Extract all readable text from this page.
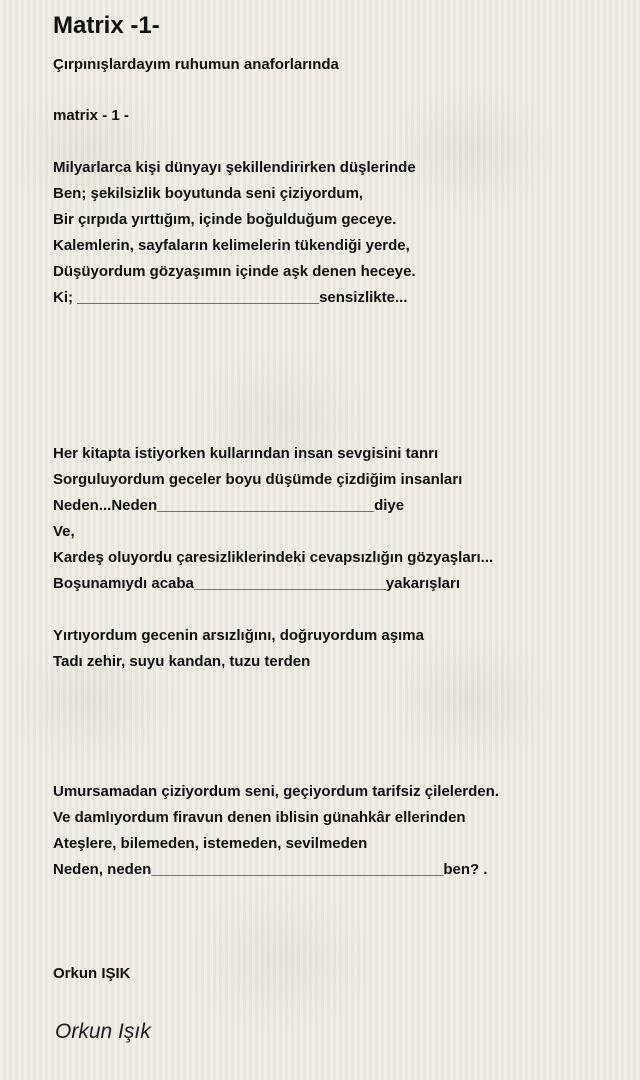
Matrix -1-
Çırpınışlardayım ruhumun anaforlarında
matrix - 1 -
Milyarlarca kişi dünyayı şekillendirirken düşlerinde
Ben; şekilsizlik boyutunda seni çiziyordum,
Bir çırpıda yırttığım, içinde boğulduğum geceye.
Kalemlerin, sayfaların kelimelerin tükendiği yerde,
Düşüyordum gözyaşımın içinde aşk denen heceye.
Ki; _____________________________sensizlikte...
Her kitapta istiyorken kullarından insan sevgisini tanrı
Sorguluyordum geceler boyu düşümde çizdiğim insanları
Neden...Neden__________________________diye
Ve,
Kardeş oluyordu çaresizliklerindeki cevapsızlığın gözyaşları...
Boşunamıydı acaba_______________________yakarışları
Yırtıyordum gecenin arsızlığını, doğruyordum aşıma
Tadı zehir, suyu kandan, tuzu terden
Umursamadan çiziyordum seni, geçiyordum tarifsiz çilelerden.
Ve damlıyordum firavun denen iblisin günahkâr ellerinden
Ateşlere, bilemeden, istemeden, sevilmeden
Neden, neden___________________________________ben? .
Orkun IŞIK
Orkun Işık
